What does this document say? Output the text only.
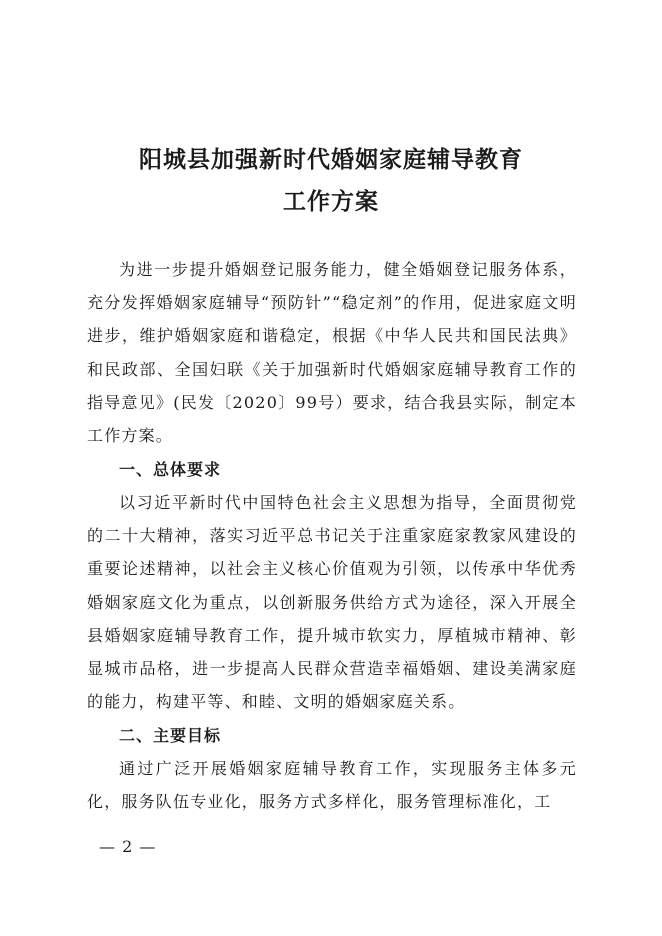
阳城县加强新时代婚姻家庭辅导教育
工作方案

为进一步提升婚姻登记服务能力，健全婚姻登记服务体系，充分发挥婚姻家庭辅导“预防针”“稳定剂”的作用，促进家庭文明进步，维护婚姻家庭和谐稳定，根据《中华人民共和国民法典》和民政部、全国妇联《关于加强新时代婚姻家庭辅导教育工作的指导意见》(民发〔2020〕99号）要求，结合我县实际，制定本工作方案。

一、总体要求

以习近平新时代中国特色社会主义思想为指导，全面贯彻党的二十大精神，落实习近平总书记关于注重家庭家教家风建设的重要论述精神，以社会主义核心价值观为引领，以传承中华优秀婚姻家庭文化为重点，以创新服务供给方式为途径，深入开展全县婚姻家庭辅导教育工作，提升城市软实力，厚植城市精神、彰显城市品格，进一步提高人民群众营造幸福婚姻、建设美满家庭的能力，构建平等、和睦、文明的婚姻家庭关系。

二、主要目标

通过广泛开展婚姻家庭辅导教育工作，实现服务主体多元化，服务队伍专业化，服务方式多样化，服务管理标准化，工

— 2 —
